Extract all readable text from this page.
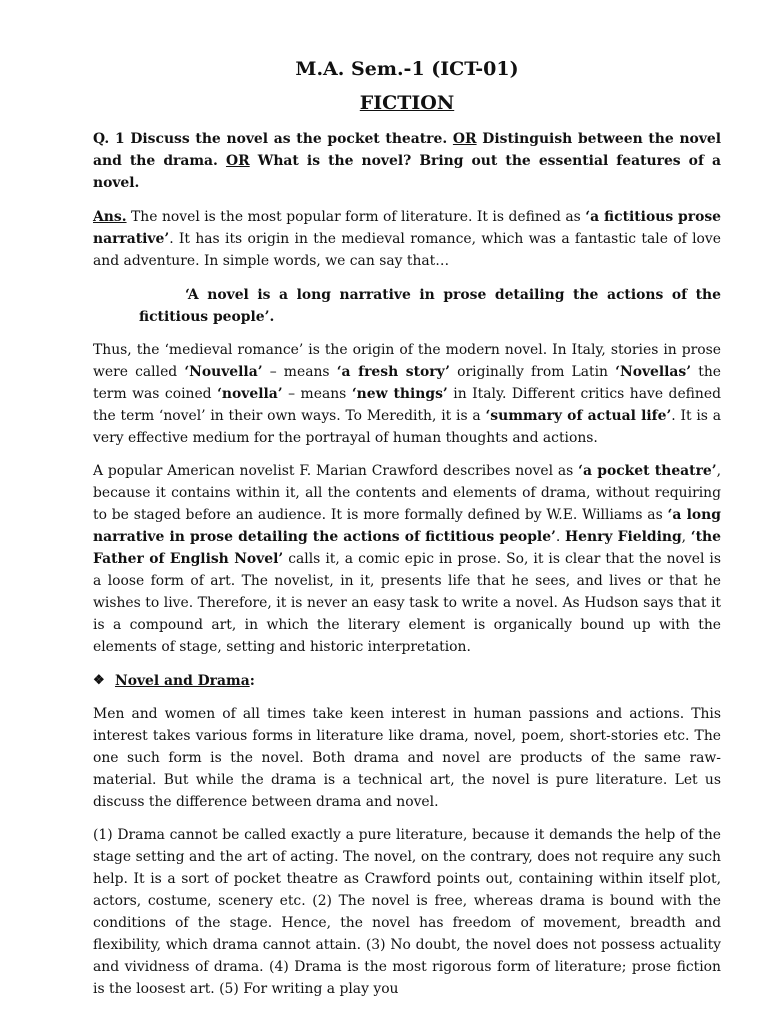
M.A. Sem.-1 (ICT-01)
FICTION

Q. 1 Discuss the novel as the pocket theatre. OR Distinguish between the novel and the drama. OR What is the novel? Bring out the essential features of a novel.

Ans. The novel is the most popular form of literature. It is defined as ‘a fictitious prose narrative’. It has its origin in the medieval romance, which was a fantastic tale of love and adventure. In simple words, we can say that…

‘A novel is a long narrative in prose detailing the actions of the fictitious people’.

Thus, the ‘medieval romance’ is the origin of the modern novel. In Italy, stories in prose were called ‘Nouvella’ – means ‘a fresh story’ originally from Latin ‘Novellas’ the term was coined ‘novella’ – means ‘new things’ in Italy. Different critics have defined the term ‘novel’ in their own ways. To Meredith, it is a ‘summary of actual life’. It is a very effective medium for the portrayal of human thoughts and actions.

A popular American novelist F. Marian Crawford describes novel as ‘a pocket theatre’, because it contains within it, all the contents and elements of drama, without requiring to be staged before an audience. It is more formally defined by W.E. Williams as ‘a long narrative in prose detailing the actions of fictitious people’. Henry Fielding, ‘the Father of English Novel’ calls it, a comic epic in prose. So, it is clear that the novel is a loose form of art. The novelist, in it, presents life that he sees, and lives or that he wishes to live. Therefore, it is never an easy task to write a novel. As Hudson says that it is a compound art, in which the literary element is organically bound up with the elements of stage, setting and historic interpretation.

❖ Novel and Drama :

Men and women of all times take keen interest in human passions and actions. This interest takes various forms in literature like drama, novel, poem, short-stories etc. The one such form is the novel. Both drama and novel are products of the same raw-material. But while the drama is a technical art, the novel is pure literature. Let us discuss the difference between drama and novel.

(1) Drama cannot be called exactly a pure literature, because it demands the help of the stage setting and the art of acting. The novel, on the contrary, does not require any such help. It is a sort of pocket theatre as Crawford points out, containing within itself plot, actors, costume, scenery etc. (2) The novel is free, whereas drama is bound with the conditions of the stage. Hence, the novel has freedom of movement, breadth and flexibility, which drama cannot attain. (3) No doubt, the novel does not possess actuality and vividness of drama. (4) Drama is the most rigorous form of literature; prose fiction is the loosest art. (5) For writing a play you
